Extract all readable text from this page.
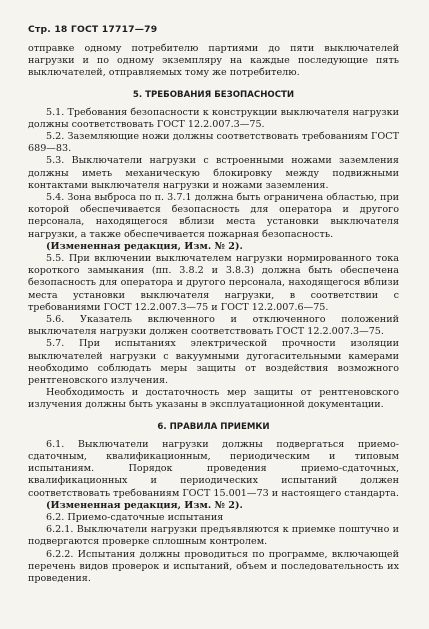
Стр. 18 ГОСТ 17717—79

отправке одному потребителю партиями до пяти выключателей нагрузки и по одному экземпляру на каждые последующие пять выключателей, отправляемых тому же потребителю.

5. ТРЕБОВАНИЯ БЕЗОПАСНОСТИ

5.1. Требования безопасности к конструкции выключателя нагрузки должны соответствовать ГОСТ 12.2.007.3—75.

5.2. Заземляющие ножи должны соответствовать требованиям ГОСТ 689—83.

5.3. Выключатели нагрузки с встроенными ножами заземления должны иметь механическую блокировку между подвижными контактами выключателя нагрузки и ножами заземления.

5.4. Зона выброса по п. 3.7.1 должна быть ограничена областью, при которой обеспечивается безопасность для оператора и другого персонала, находящегося вблизи места установки выключателя нагрузки, а также обеспечивается пожарная безопасность.

(Измененная редакция, Изм. № 2).

5.5. При включении выключателем нагрузки нормированного тока короткого замыкания (пп. 3.8.2 и 3.8.3) должна быть обеспечена безопасность для оператора и другого персонала, находящегося вблизи места установки выключателя нагрузки, в соответствии с требованиями ГОСТ 12.2.007.3—75 и ГОСТ 12.2.007.6—75.

5.6. Указатель включенного и отключенного положений выключателя нагрузки должен соответствовать ГОСТ 12.2.007.3—75.

5.7. При испытаниях электрической прочности изоляции выключателей нагрузки с вакуумными дугогасительными камерами необходимо соблюдать меры защиты от воздействия возможного рентгеновского излучения.

Необходимость и достаточность мер защиты от рентгеновского излучения должны быть указаны в эксплуатационной документации.

6. ПРАВИЛА ПРИЕМКИ

6.1. Выключатели нагрузки должны подвергаться приемо-сдаточным, квалификационным, периодическим и типовым испытаниям. Порядок проведения приемо-сдаточных, квалификационных и периодических испытаний должен соответствовать требованиям ГОСТ 15.001—73 и настоящего стандарта.

(Измененная редакция, Изм. № 2).

6.2. Приемо-сдаточные испытания

6.2.1. Выключатели нагрузки предъявляются к приемке поштучно и подвергаются проверке сплошным контролем.

6.2.2. Испытания должны проводиться по программе, включающей перечень видов проверок и испытаний, объем и последовательность их проведения.
